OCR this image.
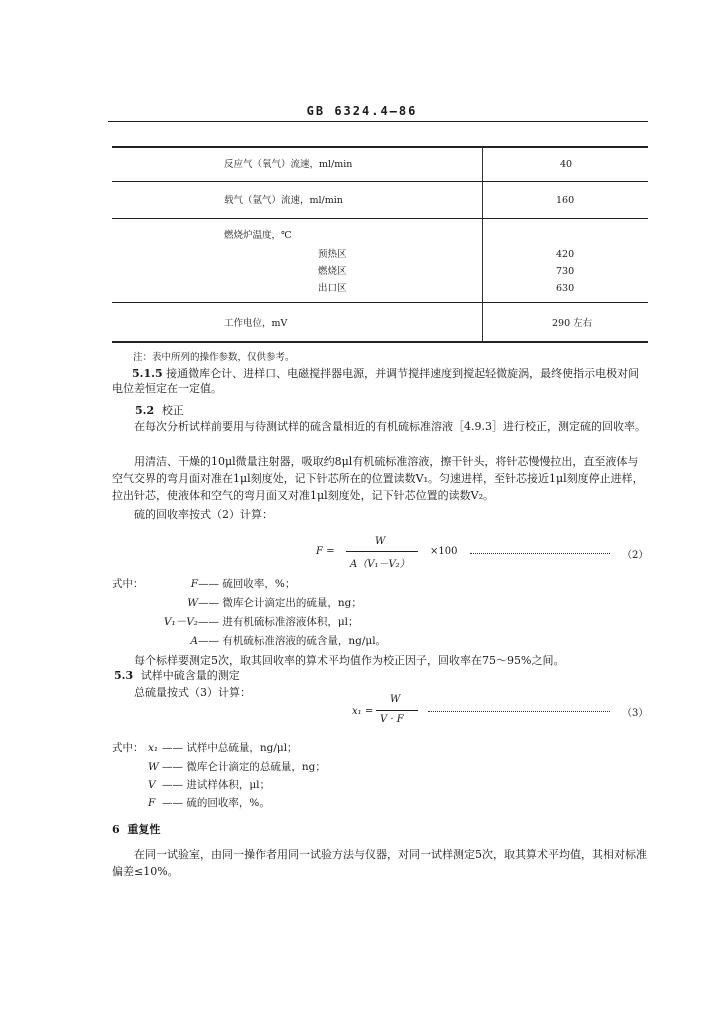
GB 6324.4—86
反应气（氧气）流速，ml/min	40
载气（氩气）流速，ml/min	160
燃烧炉温度，℃
预热区	420
燃烧区	730
出口区	630
工作电位，mV	290 左右
注：表中所列的操作参数，仅供参考。
5.1.5 接通微库仑计、进样口、电磁搅拌器电源，并调节搅拌速度到搅起轻微旋涡，最终使指示电极对间电位差恒定在一定值。
5.2 校正
在每次分析试样前要用与待测试样的硫含量相近的有机硫标准溶液［4.9.3］进行校正，测定硫的回收率。
用清洁、干燥的10μl微量注射器，吸取约8μl有机硫标准溶液，擦干针头，将针芯慢慢拉出，直至液体与空气交界的弯月面对准在1μl刻度处，记下针芯所在的位置读数V₁。匀速进样，至针芯接近1μl刻度停止进样，拉出针芯，使液体和空气的弯月面又对准1μl刻度处，记下针芯位置的读数V₂。
硫的回收率按式（2）计算：
F =
W
A（V₁－V₂）
×100	（2）
式中：	F—— 硫回收率，%；
W—— 微库仑计滴定出的硫量，ng；
V₁－V₂—— 进有机硫标准溶液体积，μl；
A—— 有机硫标准溶液的硫含量，ng/μl。
每个标样要测定5次，取其回收率的算术平均值作为校正因子，回收率在75～95%之间。
5.3 试样中硫含量的测定
总硫量按式（3）计算：
x₁ =
W
V · F
（3）
式中： x₁ —— 试样中总硫量，ng/μl；
W —— 微库仑计滴定的总硫量，ng；
V —— 进试样体积，μl；
F —— 硫的回收率，%。
6 重复性
在同一试验室，由同一操作者用同一试验方法与仪器，对同一试样测定5次，取其算术平均值，其相对标准偏差≤10%。
